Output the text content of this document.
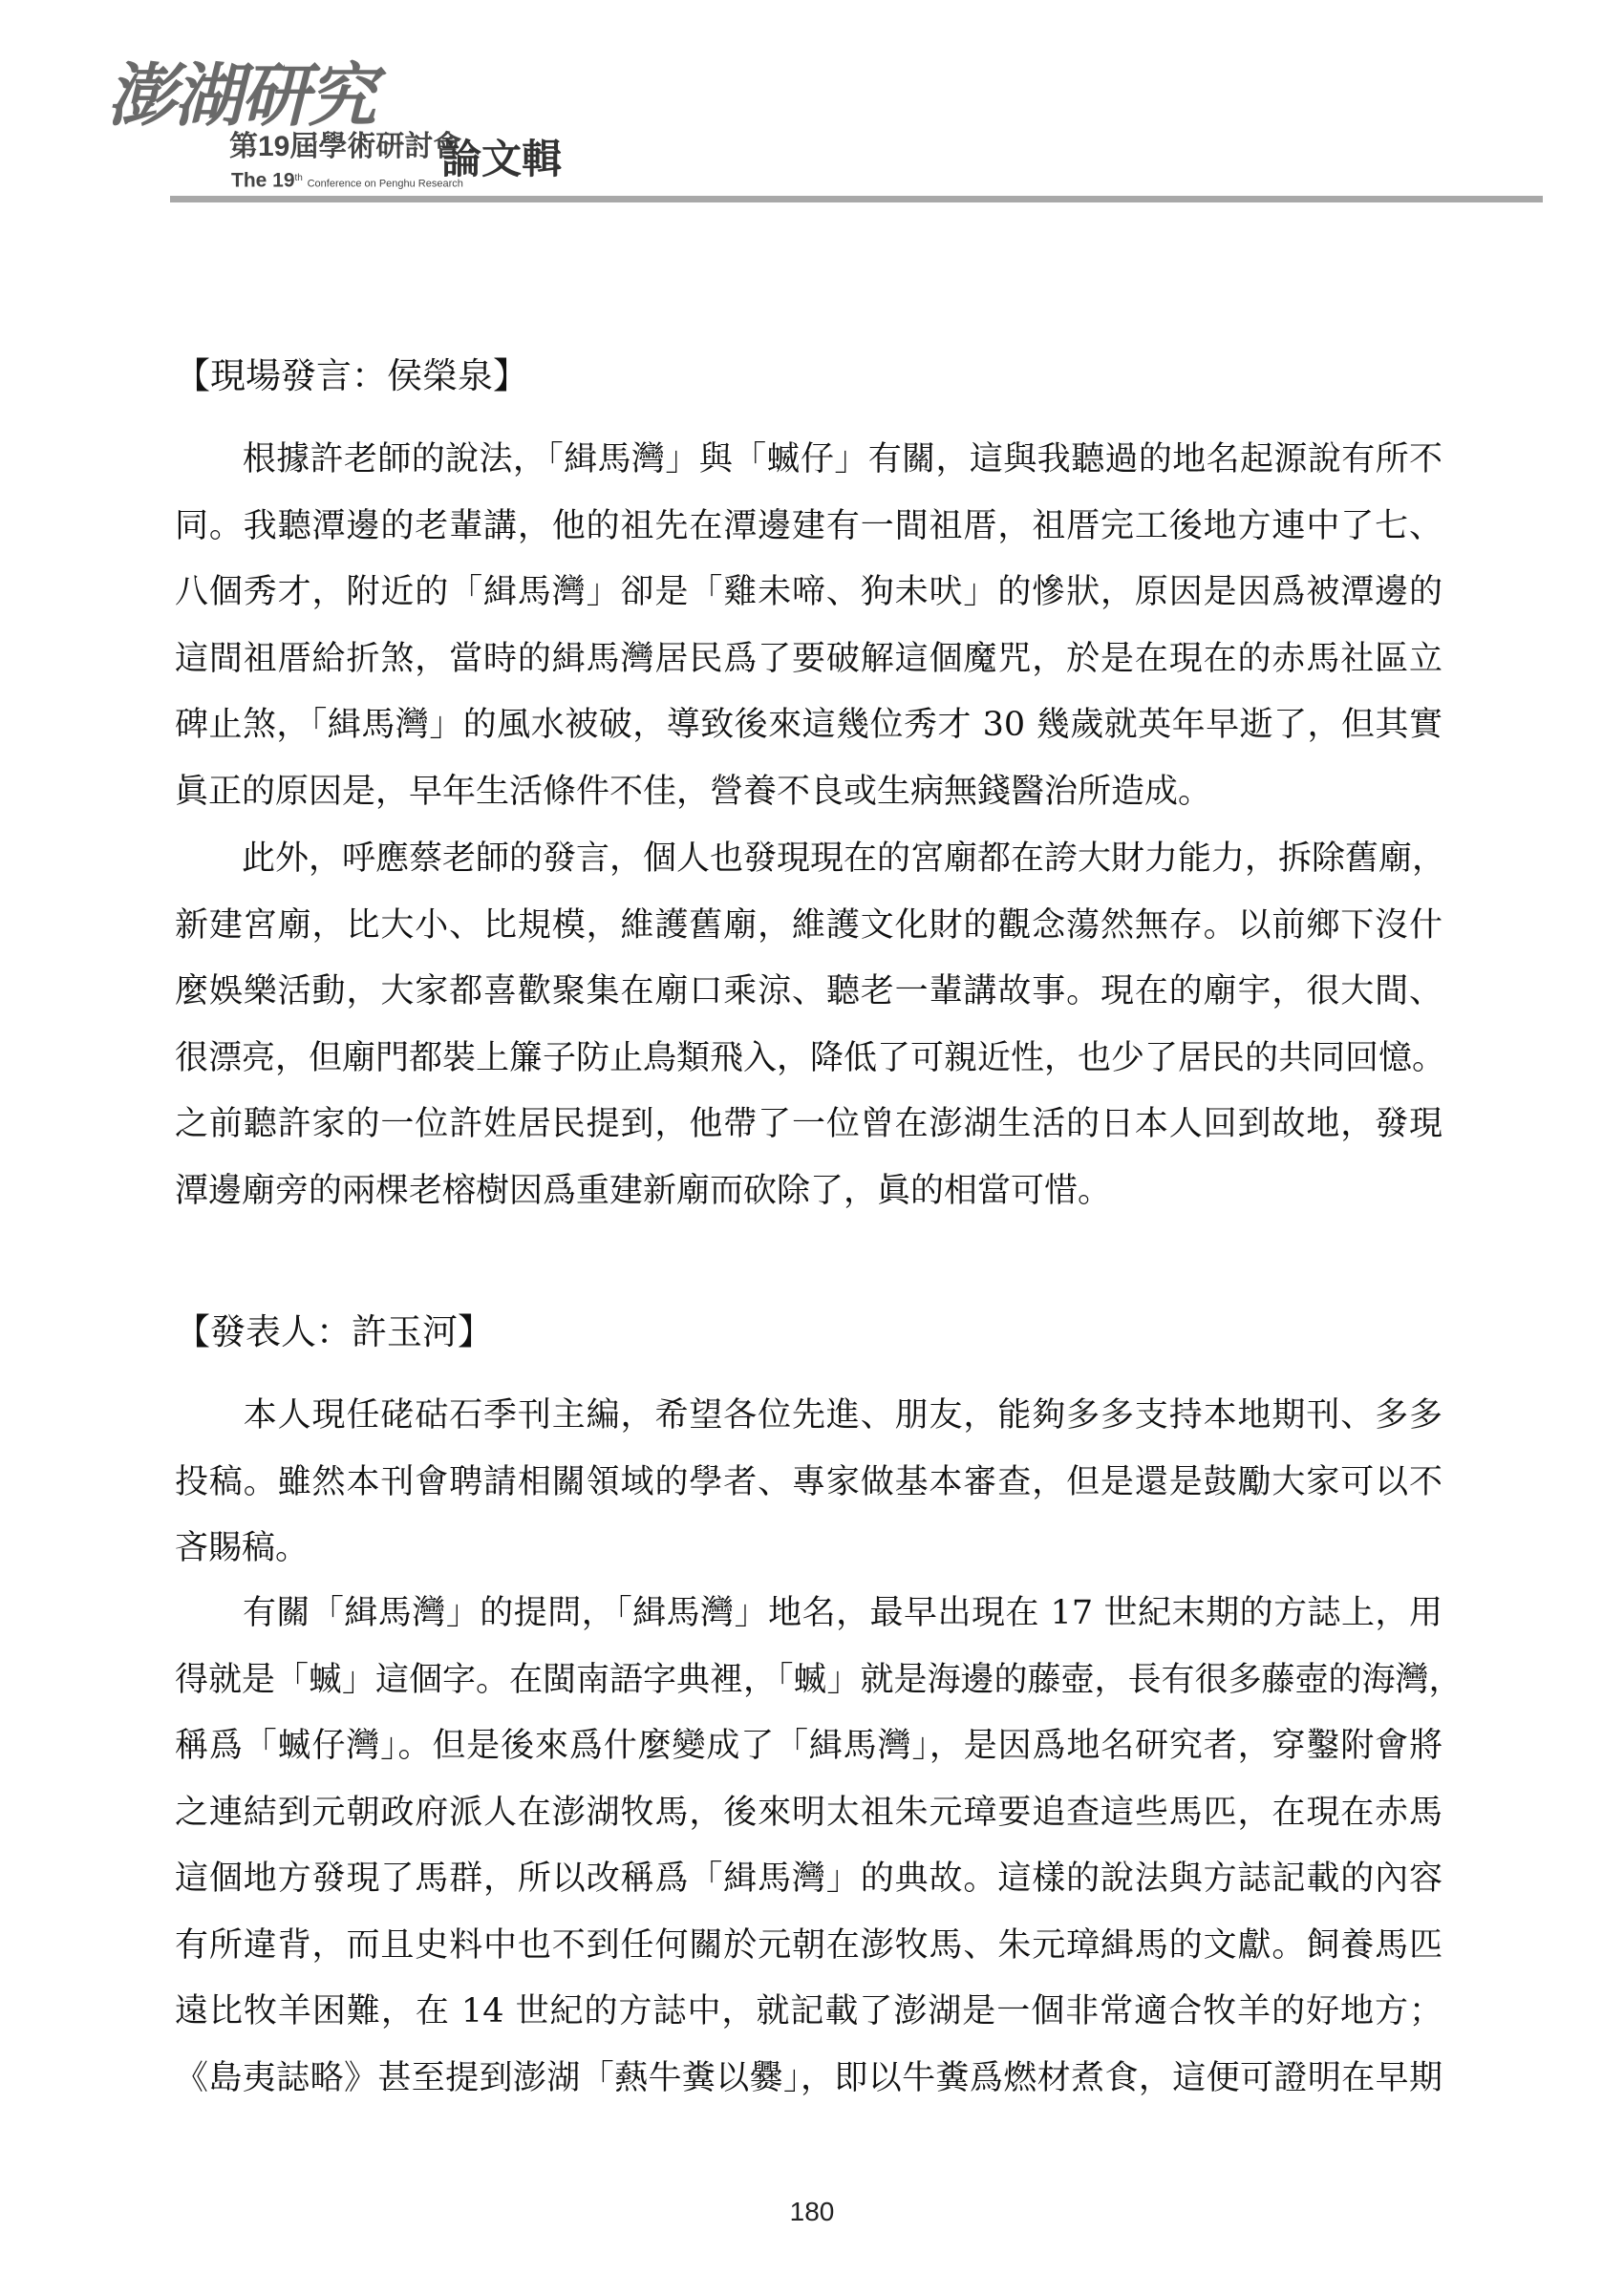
澎湖研究
第19屆學術研討會
The 19th Conference on Penghu Research
論文輯
【現場發言：侯榮泉】
　　根據許老師的說法，「緝馬灣」與「蝛仔」有關，這與我聽過的地名起源說有所不
同。我聽潭邊的老輩講，他的祖先在潭邊建有一間祖厝，祖厝完工後地方連中了七、
八個秀才，附近的「緝馬灣」卻是「雞未啼、狗未吠」的慘狀，原因是因爲被潭邊的
這間祖厝給折煞，當時的緝馬灣居民爲了要破解這個魔咒，於是在現在的赤馬社區立
碑止煞，「緝馬灣」的風水被破，導致後來這幾位秀才 30 幾歲就英年早逝了，但其實
眞正的原因是，早年生活條件不佳，營養不良或生病無錢醫治所造成。
　　此外，呼應蔡老師的發言，個人也發現現在的宮廟都在誇大財力能力，拆除舊廟，
新建宮廟，比大小、比規模，維護舊廟，維護文化財的觀念蕩然無存。以前鄉下沒什
麼娛樂活動，大家都喜歡聚集在廟口乘涼、聽老一輩講故事。現在的廟宇，很大間、
很漂亮，但廟門都裝上簾子防止鳥類飛入，降低了可親近性，也少了居民的共同回憶。
之前聽許家的一位許姓居民提到，他帶了一位曾在澎湖生活的日本人回到故地，發現
潭邊廟旁的兩棵老榕樹因爲重建新廟而砍除了，眞的相當可惜。
【發表人：許玉河】
　　本人現任硓𥑮石季刊主編，希望各位先進、朋友，能夠多多支持本地期刊、多多
投稿。雖然本刊會聘請相關領域的學者、專家做基本審查，但是還是鼓勵大家可以不
吝賜稿。
　　有關「緝馬灣」的提問，「緝馬灣」地名，最早出現在 17 世紀末期的方誌上，用
得就是「蝛」這個字。在閩南語字典裡，「蝛」就是海邊的藤壺，長有很多藤壺的海灣，
稱爲「蝛仔灣」。但是後來爲什麼變成了「緝馬灣」，是因爲地名研究者，穿鑿附會將
之連結到元朝政府派人在澎湖牧馬，後來明太祖朱元璋要追查這些馬匹，在現在赤馬
這個地方發現了馬群，所以改稱爲「緝馬灣」的典故。這樣的說法與方誌記載的內容
有所違背，而且史料中也不到任何關於元朝在澎牧馬、朱元璋緝馬的文獻。飼養馬匹
遠比牧羊困難，在 14 世紀的方誌中，就記載了澎湖是一個非常適合牧羊的好地方；
《島夷誌略》甚至提到澎湖「爇牛糞以爨」，即以牛糞爲燃材煮食，這便可證明在早期
180
